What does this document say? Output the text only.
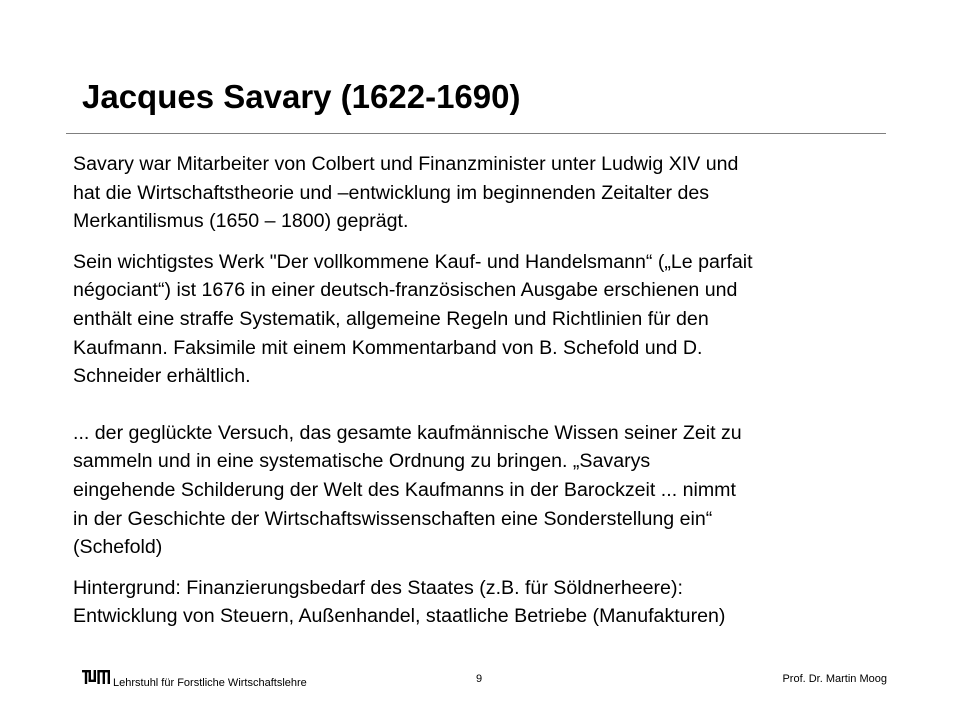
Jacques Savary (1622-1690)

Savary war Mitarbeiter von Colbert und Finanzminister unter Ludwig XIV und
hat die Wirtschaftstheorie und –entwicklung im beginnenden Zeitalter des
Merkantilismus (1650 – 1800) geprägt.

Sein wichtigstes Werk "Der vollkommene Kauf- und Handelsmann“ („Le parfait
négociant“) ist 1676 in einer deutsch-französischen Ausgabe erschienen und
enthält eine straffe Systematik, allgemeine Regeln und Richtlinien für den
Kaufmann. Faksimile mit einem Kommentarband von B. Schefold und D.
Schneider erhältlich.

... der geglückte Versuch, das gesamte kaufmännische Wissen seiner Zeit zu
sammeln und in eine systematische Ordnung zu bringen. „Savarys
eingehende Schilderung der Welt des Kaufmanns in der Barockzeit ... nimmt
in der Geschichte der Wirtschaftswissenschaften eine Sonderstellung ein“
(Schefold)

Hintergrund: Finanzierungsbedarf des Staates (z.B. für Söldnerheere):
Entwicklung von Steuern, Außenhandel, staatliche Betriebe (Manufakturen)

Lehrstuhl für Forstliche Wirtschaftslehre	9	Prof. Dr. Martin Moog
